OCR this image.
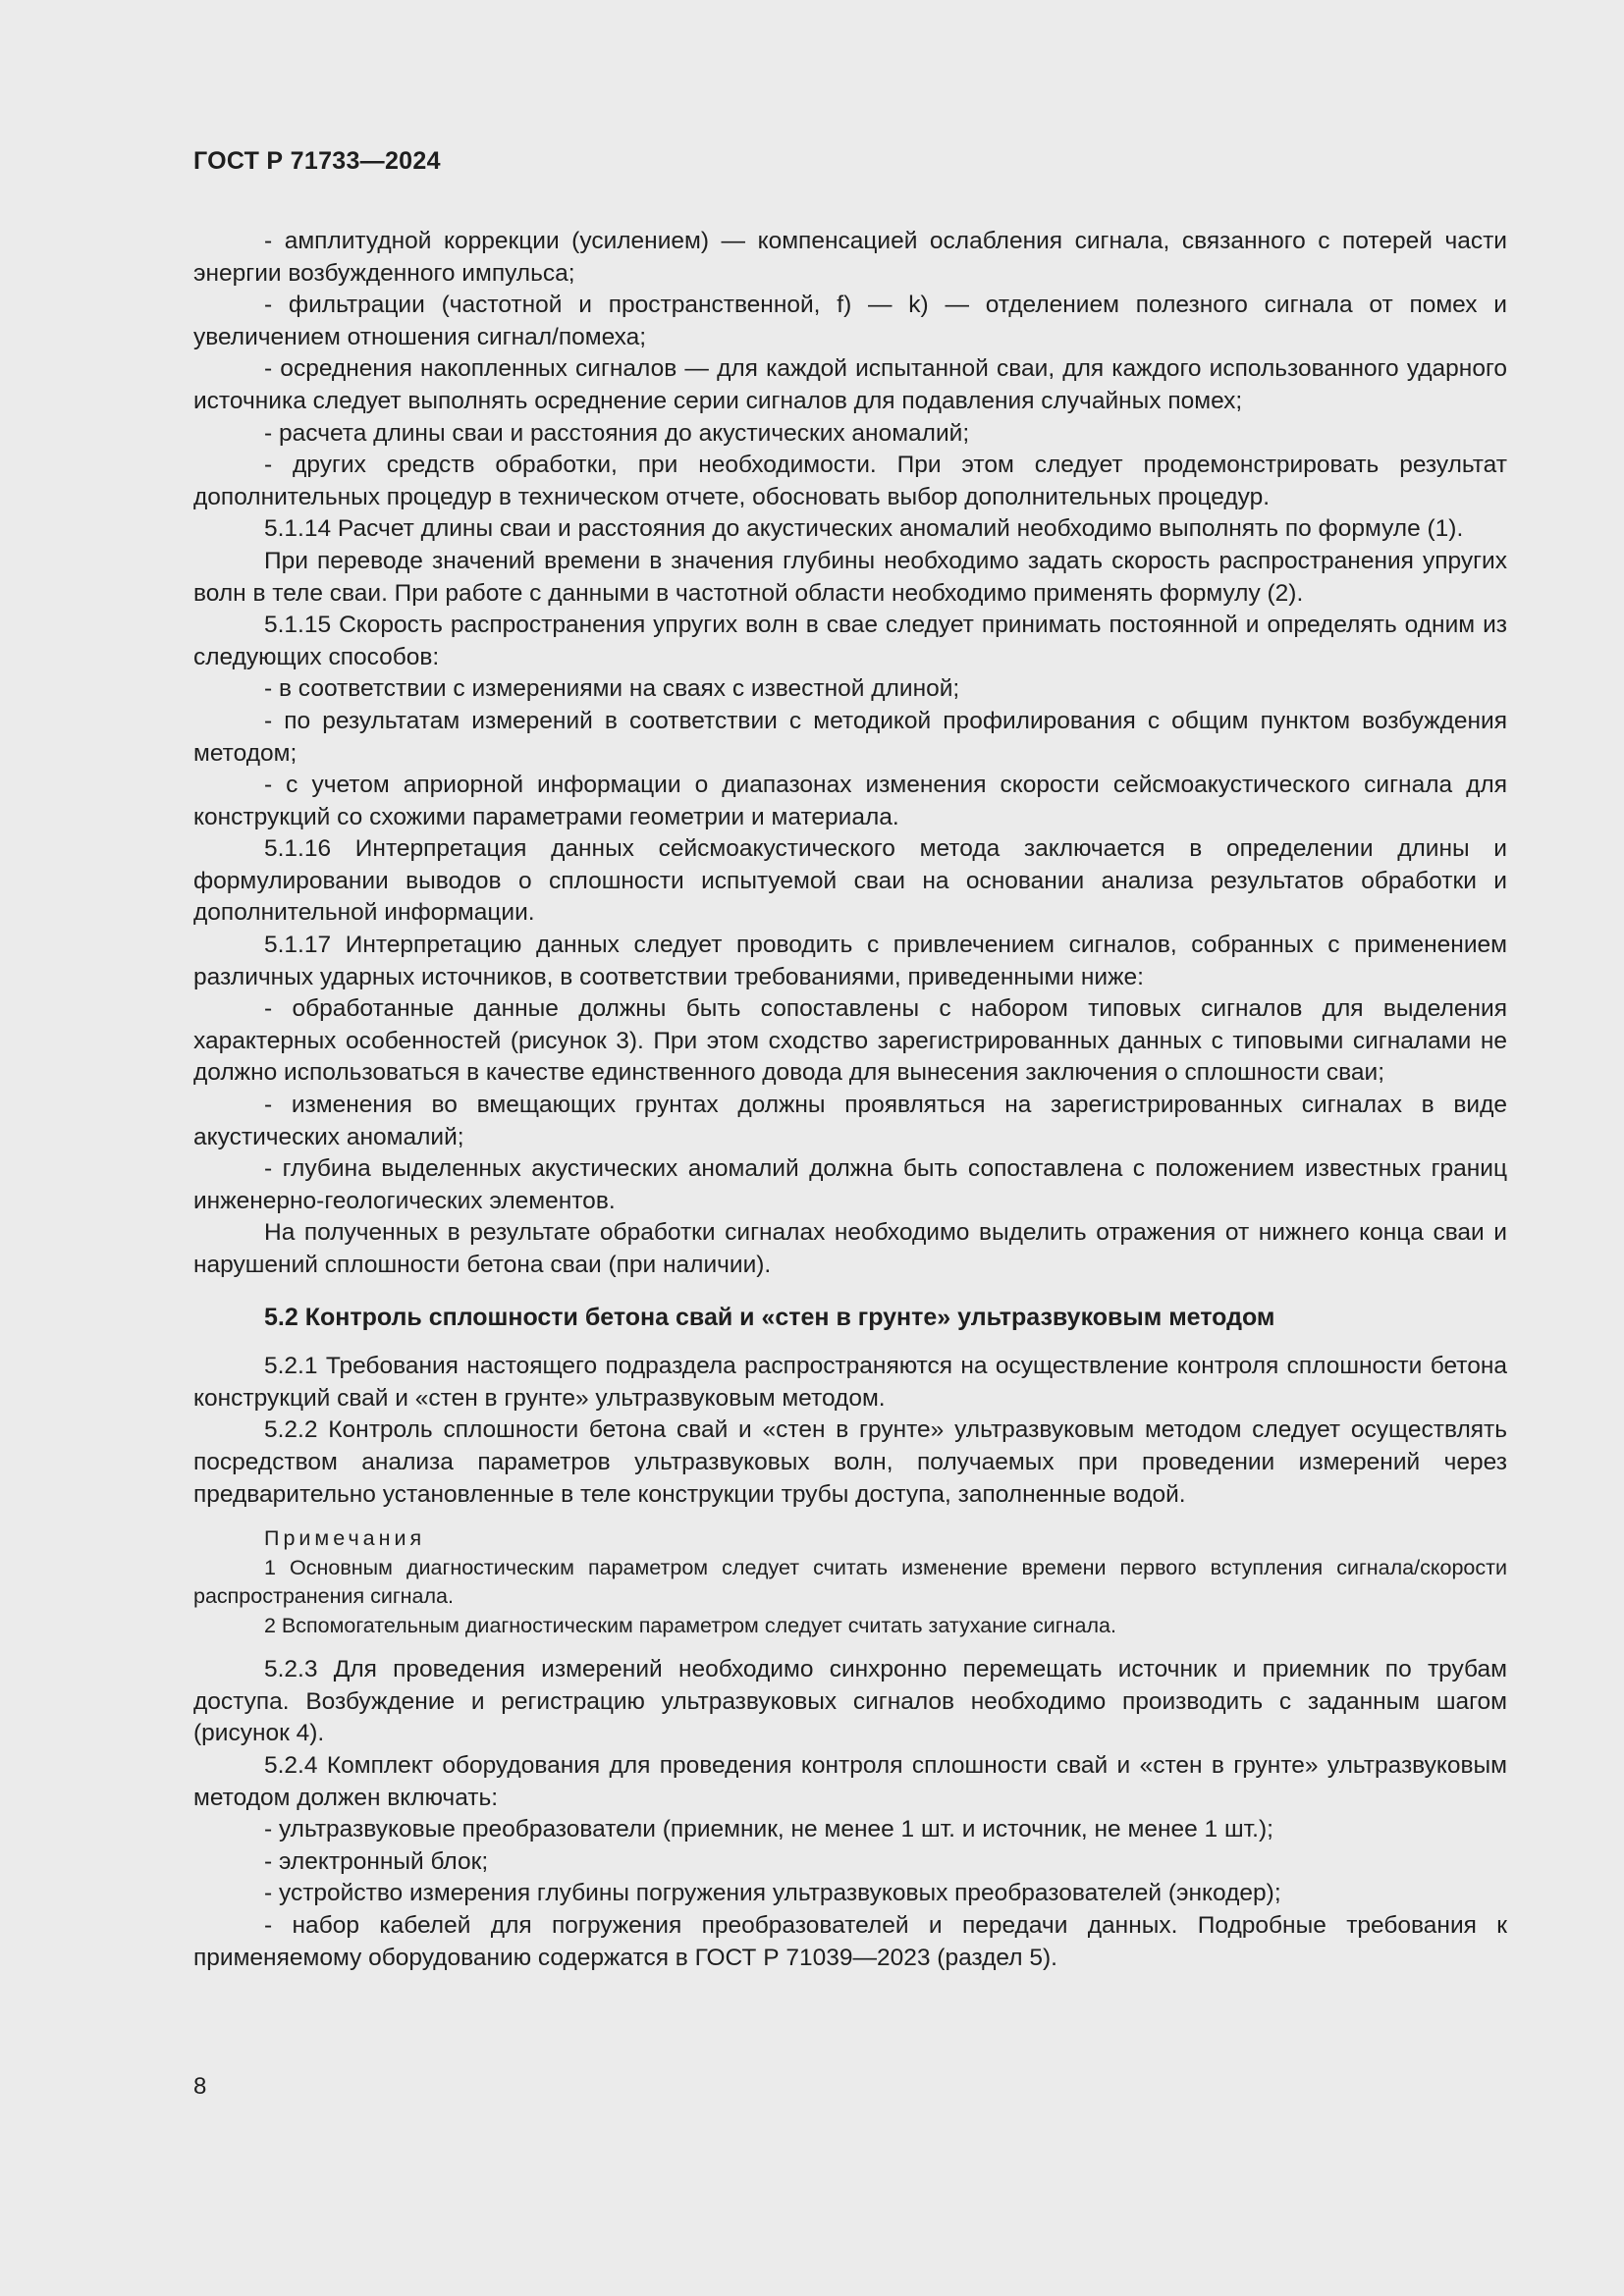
ГОСТ Р 71733—2024

- амплитудной коррекции (усилением) — компенсацией ослабления сигнала, связанного с потерей части энергии возбужденного импульса;

- фильтрации (частотной и пространственной, f) — k) — отделением полезного сигнала от помех и увеличением отношения сигнал/помеха;

- осреднения накопленных сигналов — для каждой испытанной сваи, для каждого использованного ударного источника следует выполнять осреднение серии сигналов для подавления случайных помех;

- расчета длины сваи и расстояния до акустических аномалий;

- других средств обработки, при необходимости. При этом следует продемонстрировать результат дополнительных процедур в техническом отчете, обосновать выбор дополнительных процедур.

5.1.14 Расчет длины сваи и расстояния до акустических аномалий необходимо выполнять по формуле (1).

При переводе значений времени в значения глубины необходимо задать скорость распространения упругих волн в теле сваи. При работе с данными в частотной области необходимо применять формулу (2).

5.1.15 Скорость распространения упругих волн в свае следует принимать постоянной и определять одним из следующих способов:

- в соответствии с измерениями на сваях с известной длиной;

- по результатам измерений в соответствии с методикой профилирования с общим пунктом возбуждения методом;

- с учетом априорной информации о диапазонах изменения скорости сейсмоакустического сигнала для конструкций со схожими параметрами геометрии и материала.

5.1.16 Интерпретация данных сейсмоакустического метода заключается в определении длины и формулировании выводов о сплошности испытуемой сваи на основании анализа результатов обработки и дополнительной информации.

5.1.17 Интерпретацию данных следует проводить с привлечением сигналов, собранных с применением различных ударных источников, в соответствии требованиями, приведенными ниже:

- обработанные данные должны быть сопоставлены с набором типовых сигналов для выделения характерных особенностей (рисунок 3). При этом сходство зарегистрированных данных с типовыми сигналами не должно использоваться в качестве единственного довода для вынесения заключения о сплошности сваи;

- изменения во вмещающих грунтах должны проявляться на зарегистрированных сигналах в виде акустических аномалий;

- глубина выделенных акустических аномалий должна быть сопоставлена с положением известных границ инженерно-геологических элементов.

На полученных в результате обработки сигналах необходимо выделить отражения от нижнего конца сваи и нарушений сплошности бетона сваи (при наличии).

5.2 Контроль сплошности бетона свай и «стен в грунте» ультразвуковым методом

5.2.1 Требования настоящего подраздела распространяются на осуществление контроля сплошности бетона конструкций свай и «стен в грунте» ультразвуковым методом.

5.2.2 Контроль сплошности бетона свай и «стен в грунте» ультразвуковым методом следует осуществлять посредством анализа параметров ультразвуковых волн, получаемых при проведении измерений через предварительно установленные в теле конструкции трубы доступа, заполненные водой.

Примечания

1 Основным диагностическим параметром следует считать изменение времени первого вступления сигнала/скорости распространения сигнала.

2 Вспомогательным диагностическим параметром следует считать затухание сигнала.

5.2.3 Для проведения измерений необходимо синхронно перемещать источник и приемник по трубам доступа. Возбуждение и регистрацию ультразвуковых сигналов необходимо производить с заданным шагом (рисунок 4).

5.2.4 Комплект оборудования для проведения контроля сплошности свай и «стен в грунте» ультразвуковым методом должен включать:

- ультразвуковые преобразователи (приемник, не менее 1 шт. и источник, не менее 1 шт.);

- электронный блок;

- устройство измерения глубины погружения ультразвуковых преобразователей (энкодер);

- набор кабелей для погружения преобразователей и передачи данных. Подробные требования к применяемому оборудованию содержатся в ГОСТ Р 71039—2023 (раздел 5).

8
